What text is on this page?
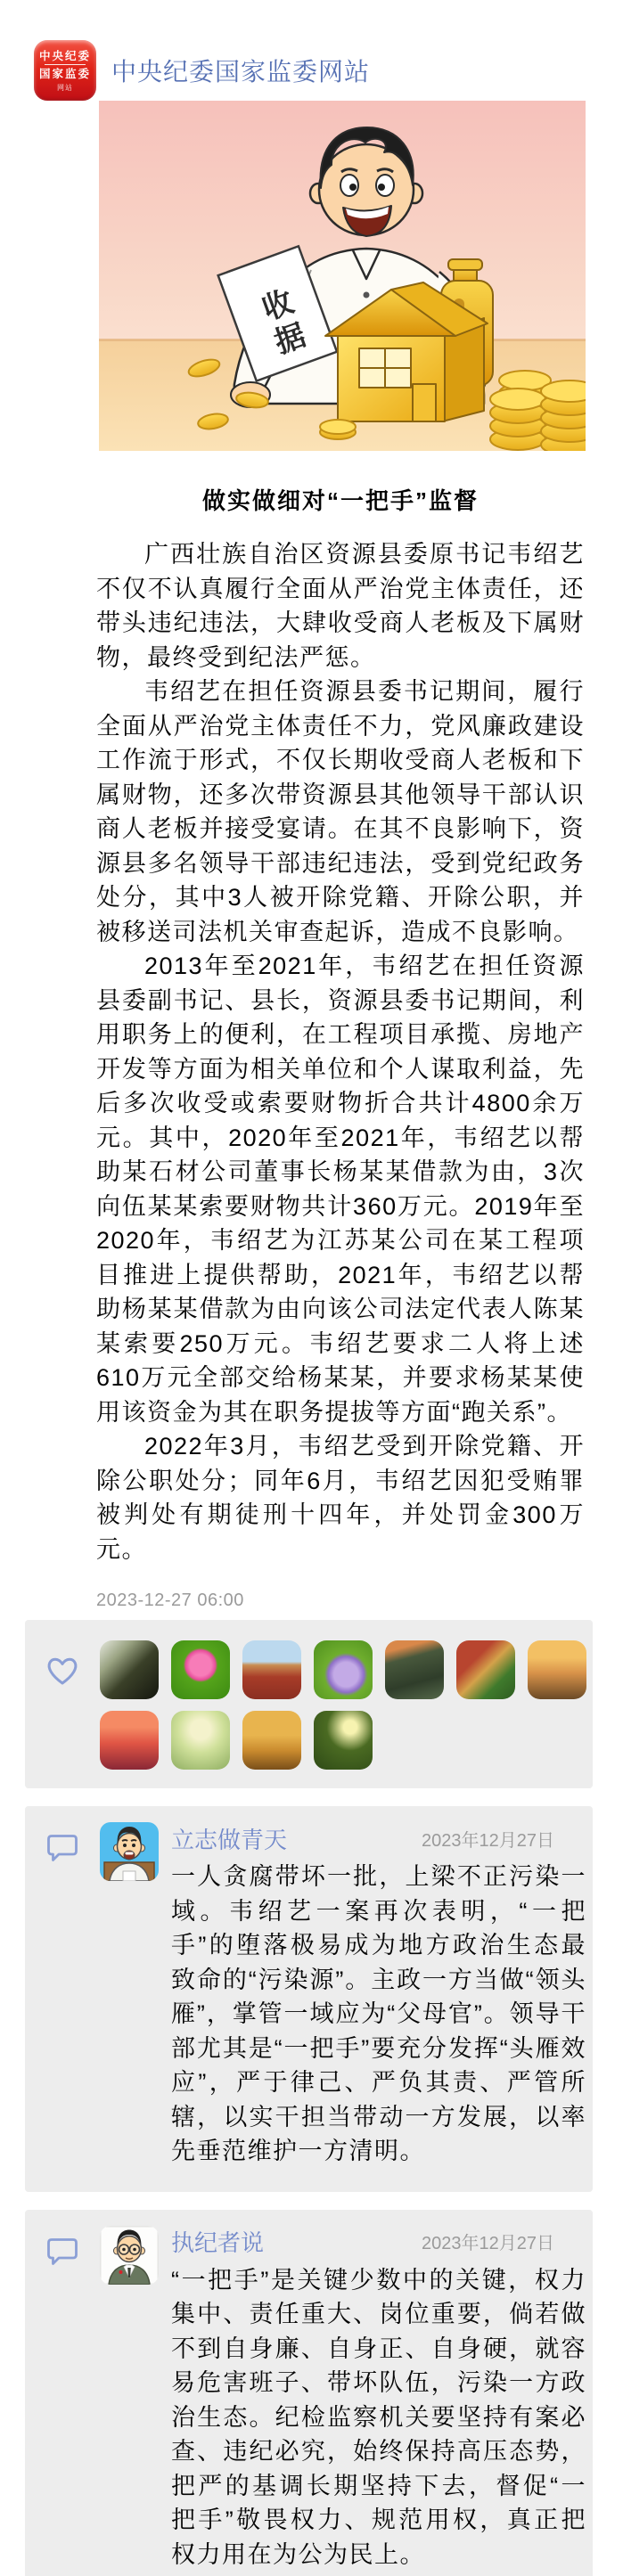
中央纪委
国家监委
网站
中央纪委国家监委网站
收据
做实做细对“一把手”监督

广西壮族自治区资源县委原书记韦绍艺不仅不认真履行全面从严治党主体责任，还带头违纪违法，大肆收受商人老板及下属财物，最终受到纪法严惩。

韦绍艺在担任资源县委书记期间，履行全面从严治党主体责任不力，党风廉政建设工作流于形式，不仅长期收受商人老板和下属财物，还多次带资源县其他领导干部认识商人老板并接受宴请。在其不良影响下，资源县多名领导干部违纪违法，受到党纪政务处分，其中3人被开除党籍、开除公职，并被移送司法机关审查起诉，造成不良影响。

2013年至2021年，韦绍艺在担任资源县委副书记、县长，资源县委书记期间，利用职务上的便利，在工程项目承揽、房地产开发等方面为相关单位和个人谋取利益，先后多次收受或索要财物折合共计4800余万元。其中，2020年至2021年，韦绍艺以帮助某石材公司董事长杨某某借款为由，3次向伍某某索要财物共计360万元。2019年至2020年，韦绍艺为江苏某公司在某工程项目推进上提供帮助，2021年，韦绍艺以帮助杨某某借款为由向该公司法定代表人陈某某索要250万元。韦绍艺要求二人将上述610万元全部交给杨某某，并要求杨某某使用该资金为其在职务提拔等方面“跑关系”。

2022年3月，韦绍艺受到开除党籍、开除公职处分；同年6月，韦绍艺因犯受贿罪被判处有期徒刑十四年，并处罚金300万元。

2023-12-27 06:00
立志做青天	2023年12月27日
一人贪腐带坏一批，上梁不正污染一域。韦绍艺一案再次表明，“一把手”的堕落极易成为地方政治生态最致命的“污染源”。主政一方当做“领头雁”，掌管一域应为“父母官”。领导干部尤其是“一把手”要充分发挥“头雁效应”，严于律己、严负其责、严管所辖，以实干担当带动一方发展，以率先垂范维护一方清明。
执纪者说	2023年12月27日
“一把手”是关键少数中的关键，权力集中、责任重大、岗位重要，倘若做不到自身廉、自身正、自身硬，就容易危害班子、带坏队伍，污染一方政治生态。纪检监察机关要坚持有案必查、违纪必究，始终保持高压态势，把严的基调长期坚持下去，督促“一把手”敬畏权力、规范用权，真正把权力用在为公为民上。
